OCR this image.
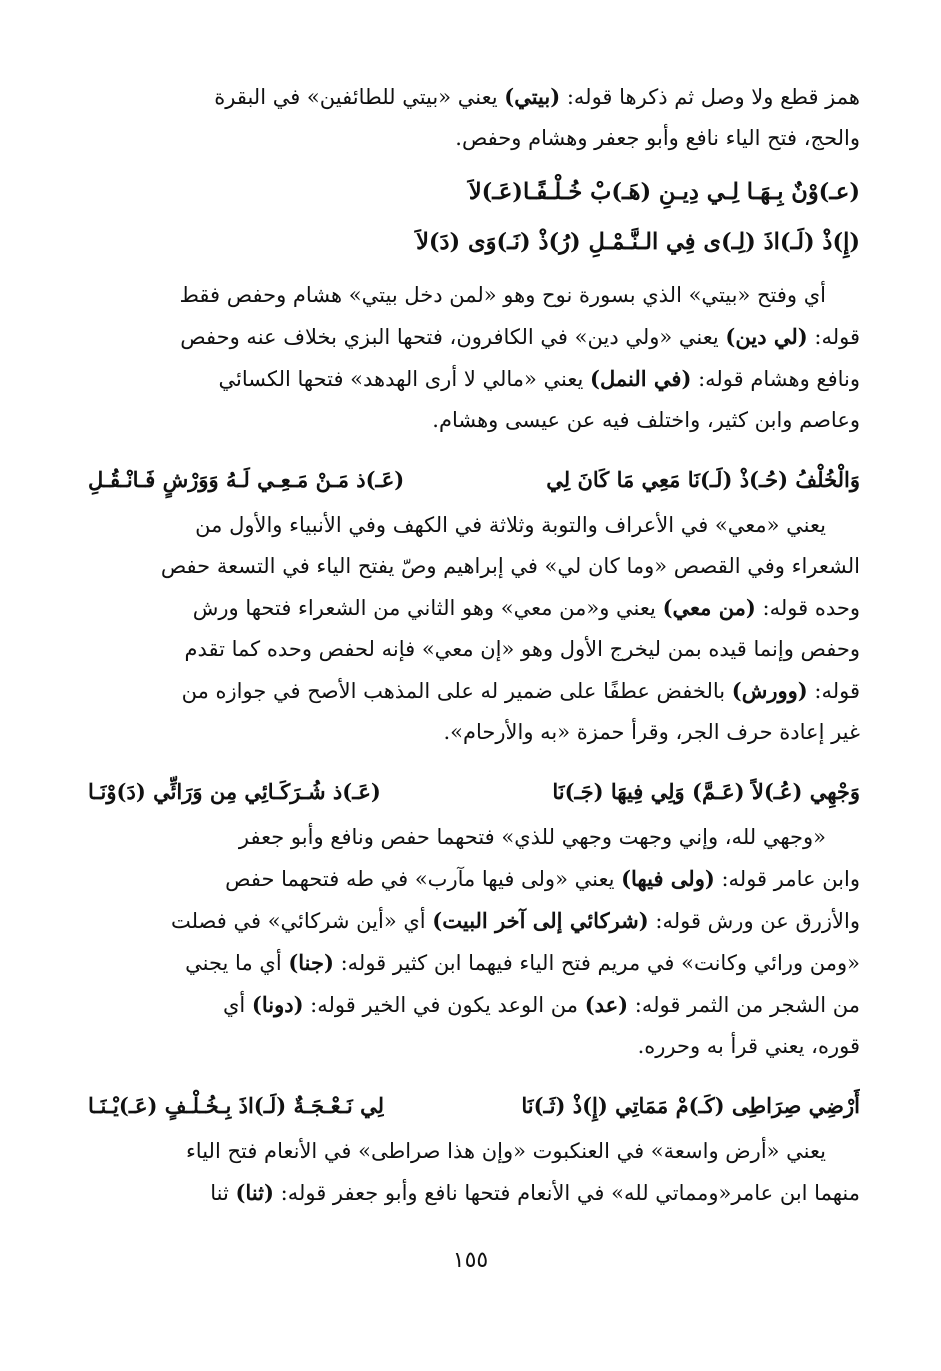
همز قطع ولا وصل ثم ذكرها قوله: (بيتي) يعني «بيتي للطائفين» في البقرة
والحج، فتح الياء نافع وأبو جعفر وهشام وحفص.

(عـ)وْنٌ بِـهَـا لِـي دِيـنِ (هَـ)بْ خُـلْـفًـا(عَـ)لاَ

(إِ)ذْ (لَـ)اذَ (لِـ)ى فِي الـنَّـمْـلِ (رُ)ذْ (نَـ)وَى (دَ)لاَ

أي وفتح «بيتي» الذي بسورة نوح وهو «لمن دخل بيتي» هشام وحفص فقط
قوله: (لي دين) يعني «ولي دين» في الكافرون، فتحها البزي بخلاف عنه وحفص
ونافع وهشام قوله: (في النمل) يعني «مالي لا أرى الهدهد» فتحها الكسائي
وعاصم وابن كثير، واختلف فيه عن عيسى وهشام.

وَالْخُلْفُ (حُـ)ذْ (لَـ)نَا مَعِي مَا كَانَ لِي
(عَـ)ذ مَـنْ مَـعِـي لَـهُ وَوَرْشٍ فَـانْـقُـلِ

يعني «معي» في الأعراف والتوبة وثلاثة في الكهف وفي الأنبياء والأول من
الشعراء وفي القصص «وما كان لي» في إبراهيم وصّ يفتح الياء في التسعة حفص
وحده قوله: (من معي) يعني و«من معي» وهو الثاني من الشعراء فتحها ورش
وحفص وإنما قيده بمن ليخرج الأول وهو «إن معي» فإنه لحفص وحده كما تقدم
قوله: (وورش) بالخفض عطفًا على ضمير له على المذهب الأصح في جوازه من
غير إعادة حرف الجر، وقرأ حمزة «به والأرحام».

وَجْهِي (عُـ)لاً (عَـمَّ) وَلِي فِيهَا (جَـ)نَا
(عَـ)ذ شُـرَكَـائِي مِن وَرَائِّي (دَ)وْنَـا

«وجهي لله، وإني وجهت وجهي للذي» فتحهما حفص ونافع وأبو جعفر
وابن عامر قوله: (ولى فيها) يعني «ولى فيها مآرب» في طه فتحهما حفص
والأزرق عن ورش قوله: (شركائي إلى آخر البيت) أي «أين شركائي» في فصلت
«ومن ورائي وكانت» في مريم فتح الياء فيهما ابن كثير قوله: (جنا) أي ما يجني
من الشجر من الثمر قوله: (عد) من الوعد يكون في الخير قوله: (دونا) أي
قوره، يعني قرأ به وحرره.

أَرْضِي صِرَاطِى (كَـ)مْ مَمَاتِي (إِ)ذْ (ثَـ)نَا
لِي نَـعْـجَـةٌ (لَـ)اذَ بِـخُـلْـفٍ (عَـ)يْـنَـا

يعني «أرض واسعة» في العنكبوت «وإن هذا صراطى» في الأنعام فتح الياء
منهما ابن عامر«ومماتي لله» في الأنعام فتحها نافع وأبو جعفر قوله: (ثنا) ثنا

١٥٥
